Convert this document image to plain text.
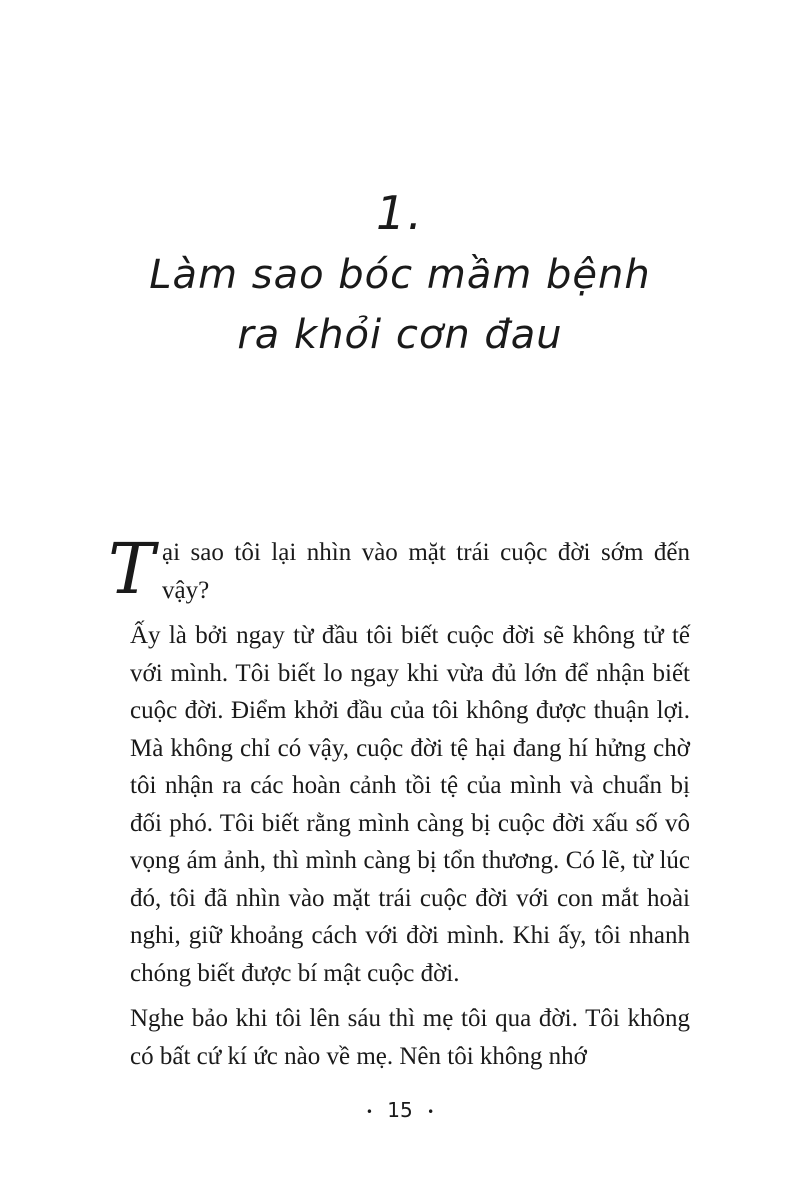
1.
Làm sao bóc mầm bệnh
ra khỏi cơn đau

T ại sao tôi lại nhìn vào mặt trái cuộc đời sớm đến vậy?

Ấy là bởi ngay từ đầu tôi biết cuộc đời sẽ không tử tế với mình. Tôi biết lo ngay khi vừa đủ lớn để nhận biết cuộc đời. Điểm khởi đầu của tôi không được thuận lợi. Mà không chỉ có vậy, cuộc đời tệ hại đang hí hửng chờ tôi nhận ra các hoàn cảnh tồi tệ của mình và chuẩn bị đối phó. Tôi biết rằng mình càng bị cuộc đời xấu số vô vọng ám ảnh, thì mình càng bị tổn thương. Có lẽ, từ lúc đó, tôi đã nhìn vào mặt trái cuộc đời với con mắt hoài nghi, giữ khoảng cách với đời mình. Khi ấy, tôi nhanh chóng biết được bí mật cuộc đời.

Nghe bảo khi tôi lên sáu thì mẹ tôi qua đời. Tôi không có bất cứ kí ức nào về mẹ. Nên tôi không nhớ

• 15 •
